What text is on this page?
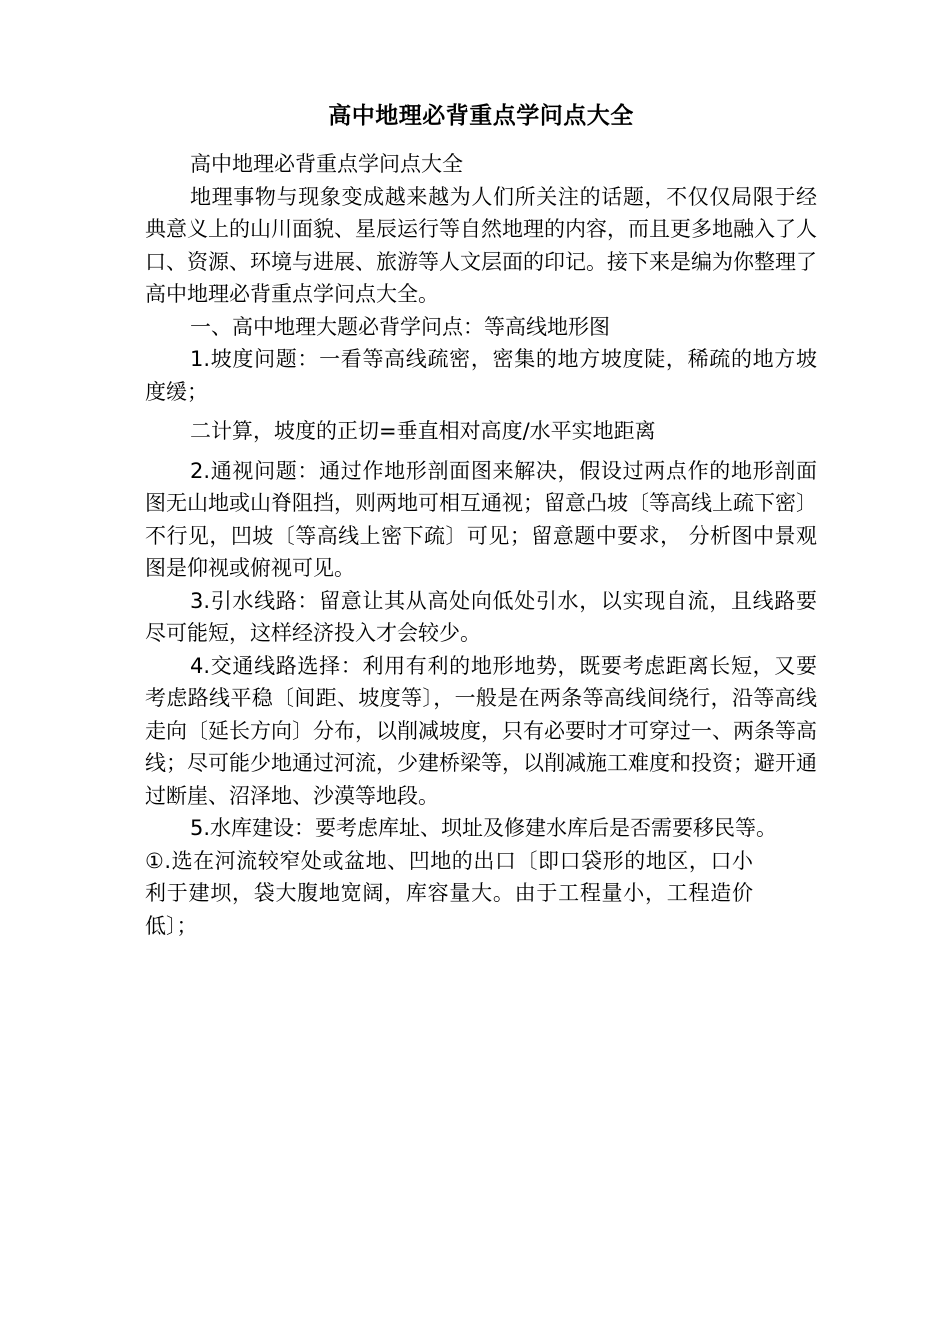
高中地理必背重点学问点大全

高中地理必背重点学问点大全

地理事物与现象变成越来越为人们所关注的话题，不仅仅局限于经典意义上的山川面貌、星辰运行等自然地理的内容，而且更多地融入了人口、资源、环境与进展、旅游等人文层面的印记。接下来是编为你整理了高中地理必背重点学问点大全。

一、高中地理大题必背学问点：等高线地形图

1.坡度问题：一看等高线疏密，密集的地方坡度陡，稀疏的地方坡度缓；

二计算，坡度的正切=垂直相对高度/水平实地距离

2.通视问题：通过作地形剖面图来解决，假设过两点作的地形剖面图无山地或山脊阻挡，则两地可相互通视；留意凸坡〔等高线上疏下密〕不行见，凹坡〔等高线上密下疏〕可见；留意题中要求， 分析图中景观图是仰视或俯视可见。

3.引水线路：留意让其从高处向低处引水，以实现自流，且线路要尽可能短，这样经济投入才会较少。

4.交通线路选择：利用有利的地形地势，既要考虑距离长短，又要考虑路线平稳〔间距、坡度等〕，一般是在两条等高线间绕行，沿等高线走向〔延长方向〕分布，以削减坡度，只有必要时才可穿过一、两条等高线；尽可能少地通过河流，少建桥梁等，以削减施工难度和投资；避开通过断崖、沼泽地、沙漠等地段。

5.水库建设：要考虑库址、坝址及修建水库后是否需要移民等。

①.选在河流较窄处或盆地、凹地的出口〔即口袋形的地区，口小利于建坝，袋大腹地宽阔，库容量大。由于工程量小，工程造价低〕；
